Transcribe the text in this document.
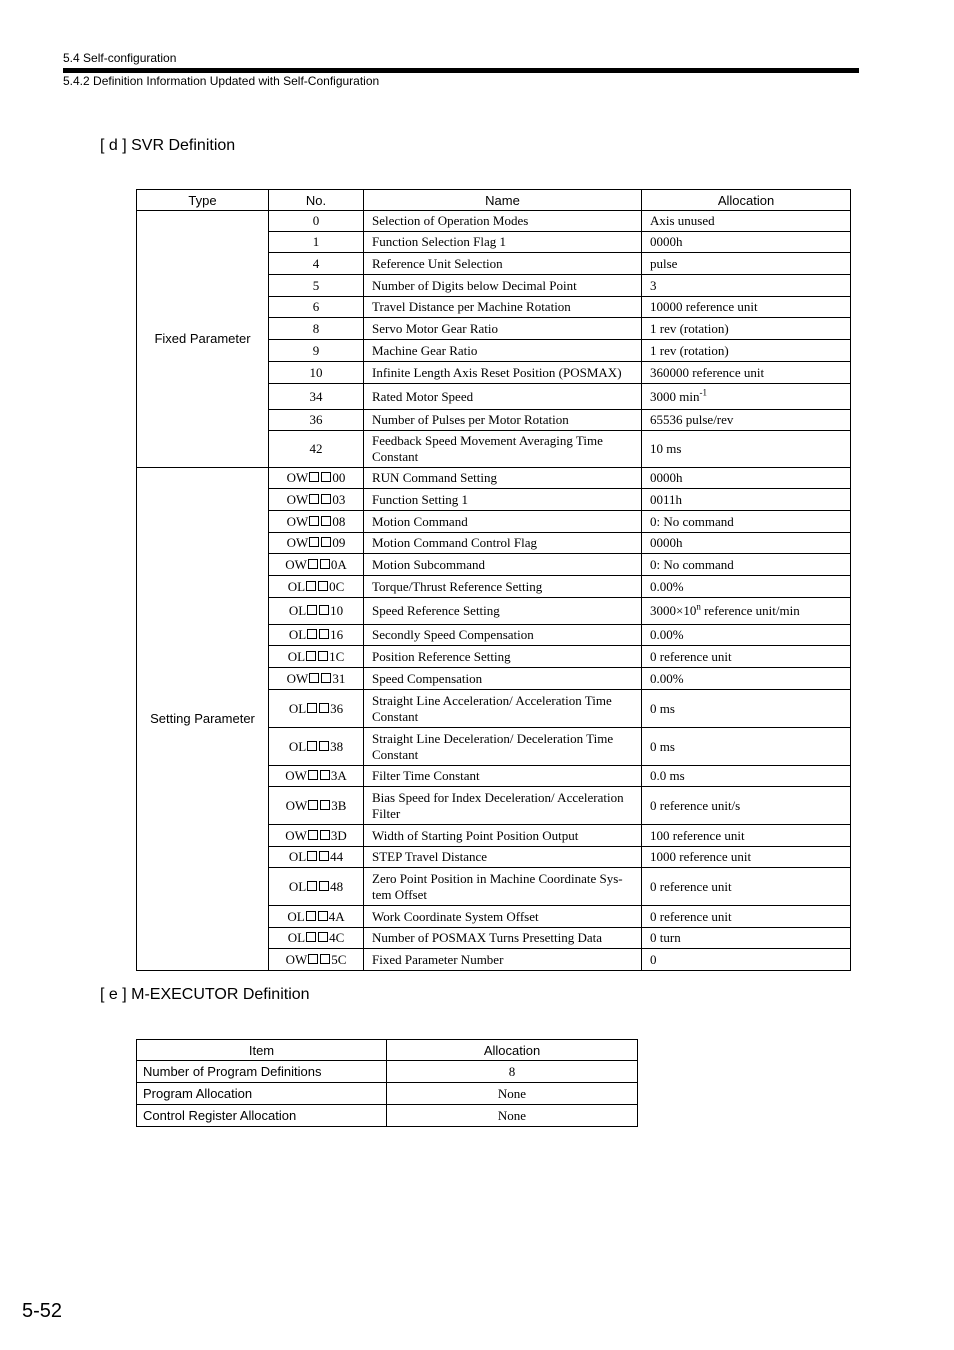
5.4 Self-configuration
5.4.2 Definition Information Updated with Self-Configuration
[ d ] SVR Definition
Type	No.	Name	Allocation
Fixed Parameter	0	Selection of Operation Modes	Axis unused
	1	Function Selection Flag 1	0000h
	4	Reference Unit Selection	pulse
	5	Number of Digits below Decimal Point	3
	6	Travel Distance per Machine Rotation	10000 reference unit
	8	Servo Motor Gear Ratio	1 rev (rotation)
	9	Machine Gear Ratio	1 rev (rotation)
	10	Infinite Length Axis Reset Position (POSMAX)	360000 reference unit
	34	Rated Motor Speed	3000 $\min^{-1}$
	36	Number of Pulses per Motor Rotation	65536 pulse/rev
	42	Feedback Speed Movement Averaging Time Constant	10 ms
Setting Parameter	OW 00	RUN Command Setting	0000h
	OW 03	Function Setting 1	0011h
	OW 08	Motion Command	0: No command
	OW 09	Motion Command Control Flag	0000h
	OW 0A	Motion Subcommand	0: No command
	OL 0C	Torque/Thrust Reference Setting	0.00%
	OL 10	Speed Reference Setting	$3000\times 10^n$ reference unit/min
	OL 16	Secondly Speed Compensation	0.00%
	OL 1C	Position Reference Setting	0 reference unit
	OW 31	Speed Compensation	0.00%
	OL 36	Straight Line Acceleration/ Acceleration Time Constant	0 ms
	OL 38	Straight Line Deceleration/ Deceleration Time Constant	0 ms
	OW 3A	Filter Time Constant	0.0 ms
	OW 3B	Bias Speed for Index Deceleration/ Acceleration Filter	0 reference unit/s
	OW 3D	Width of Starting Point Position Output	100 reference unit
	OL 44	STEP Travel Distance	1000 reference unit
	OL 48	Zero Point Position in Machine Coordinate Sys-tem Offset	0 reference unit
	OL 4A	Work Coordinate System Offset	0 reference unit
	OL 4C	Number of POSMAX Turns Presetting Data	0 turn
	OW 5C	Fixed Parameter Number	0
[ e ] M-EXECUTOR Definition
Item	Allocation
Number of Program Definitions	8
Program Allocation	None
Control Register Allocation	None
5-52
